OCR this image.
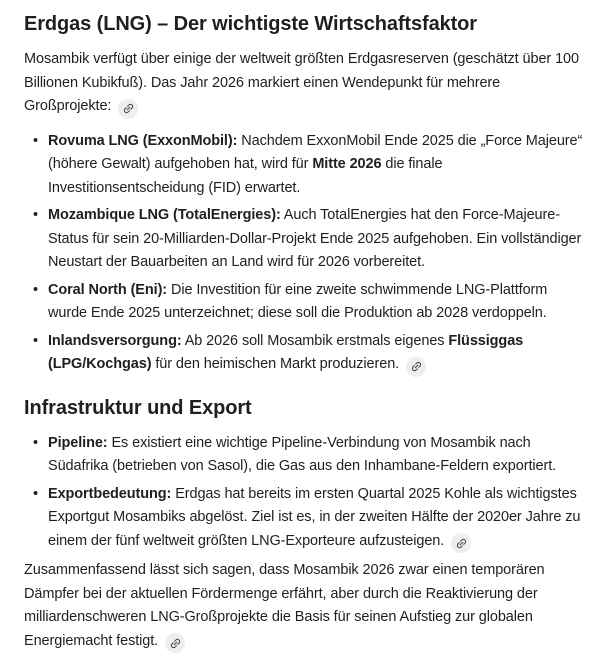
Erdgas (LNG) – Der wichtigste Wirtschaftsfaktor

Mosambik verfügt über einige der weltweit größten Erdgasreserven (geschätzt über 100 Billionen Kubikfuß). Das Jahr 2026 markiert einen Wendepunkt für mehrere Großprojekte:

• Rovuma LNG (ExxonMobil): Nachdem ExxonMobil Ende 2025 die „Force Majeure“ (höhere Gewalt) aufgehoben hat, wird für Mitte 2026 die finale Investitionsentscheidung (FID) erwartet.
• Mozambique LNG (TotalEnergies): Auch TotalEnergies hat den Force-Majeure-Status für sein 20-Milliarden-Dollar-Projekt Ende 2025 aufgehoben. Ein vollständiger Neustart der Bauarbeiten an Land wird für 2026 vorbereitet.
• Coral North (Eni): Die Investition für eine zweite schwimmende LNG-Plattform wurde Ende 2025 unterzeichnet; diese soll die Produktion ab 2028 verdoppeln.
• Inlandsversorgung: Ab 2026 soll Mosambik erstmals eigenes Flüssiggas (LPG/Kochgas) für den heimischen Markt produzieren.
Infrastruktur und Export
• Pipeline: Es existiert eine wichtige Pipeline-Verbindung von Mosambik nach Südafrika (betrieben von Sasol), die Gas aus den Inhambane-Feldern exportiert.
• Exportbedeutung: Erdgas hat bereits im ersten Quartal 2025 Kohle als wichtigstes Exportgut Mosambiks abgelöst. Ziel ist es, in der zweiten Hälfte der 2020er Jahre zu einem der fünf weltweit größten LNG-Exporteure aufzusteigen.

Zusammenfassend lässt sich sagen, dass Mosambik 2026 zwar einen temporären Dämpfer bei der aktuellen Fördermenge erfährt, aber durch die Reaktivierung der milliardenschweren LNG-Großprojekte die Basis für seinen Aufstieg zur globalen Energiemacht festigt.
